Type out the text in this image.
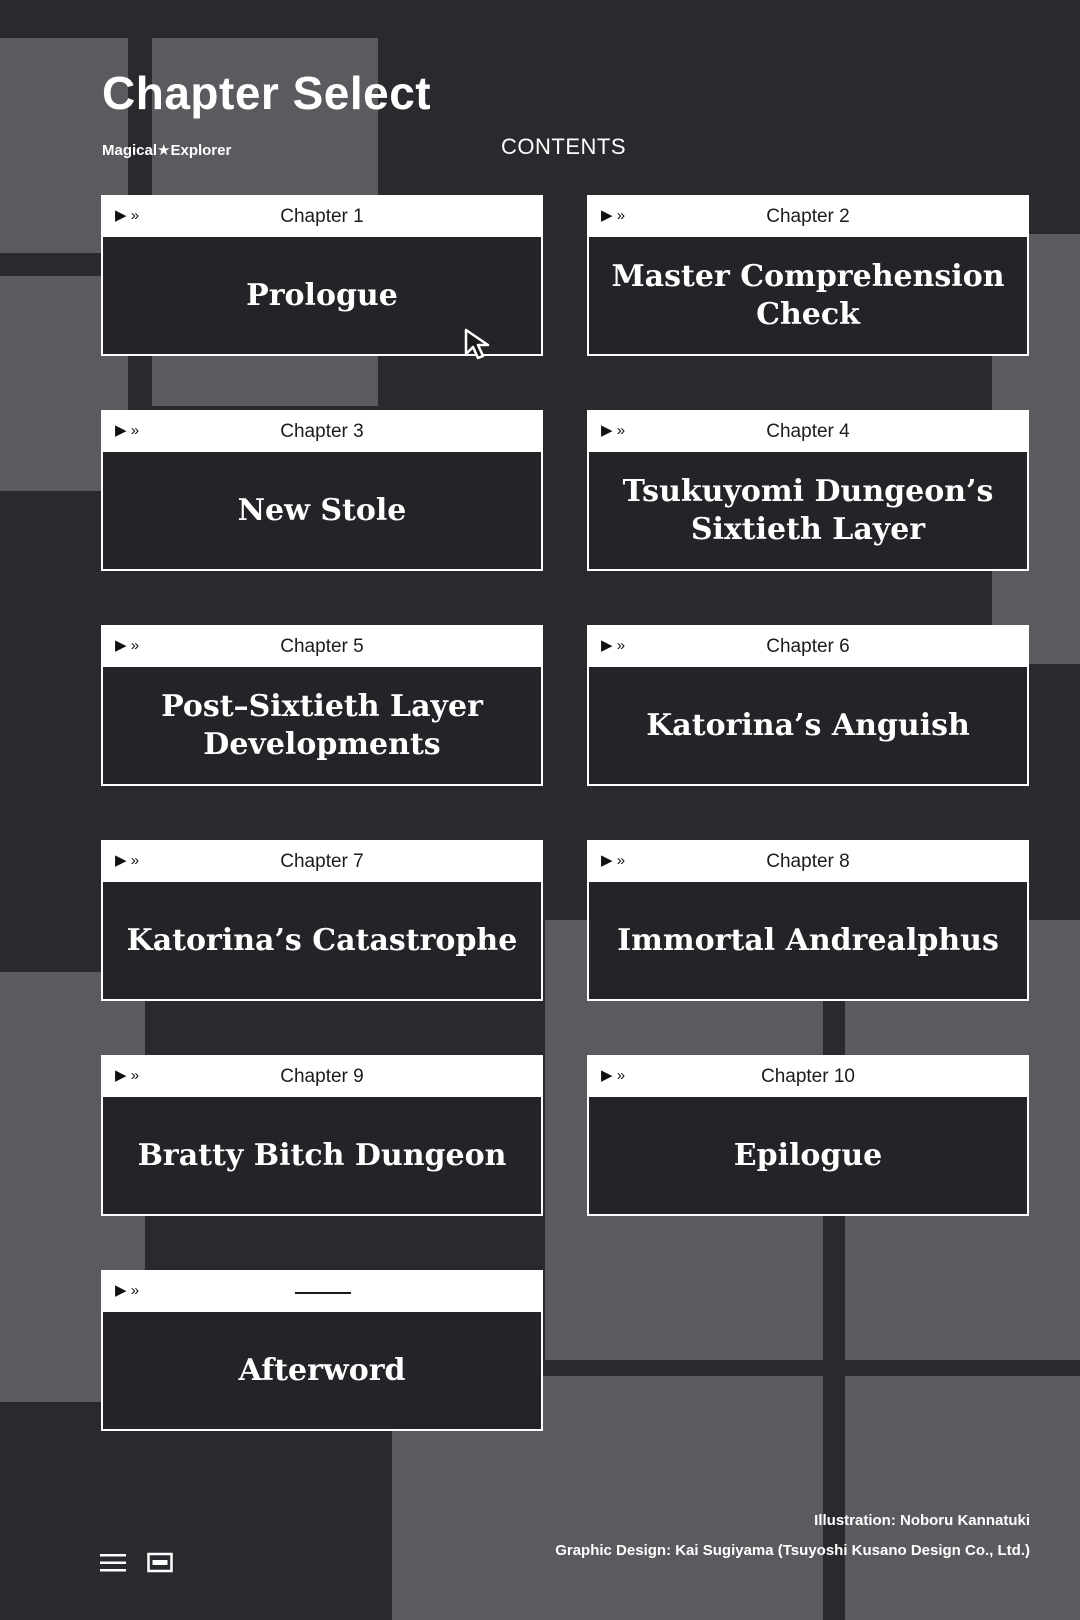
Chapter Select
Magical★Explorer	CONTENTS
▶ »	Chapter 1
Prologue
▶ »	Chapter 2
Master Comprehension Check
▶ »	Chapter 3
New Stole
▶ »	Chapter 4
Tsukuyomi Dungeon’s Sixtieth Layer
▶ »	Chapter 5
Post–Sixtieth Layer Developments
▶ »	Chapter 6
Katorina’s Anguish
▶ »	Chapter 7
Katorina’s Catastrophe
▶ »	Chapter 8
Immortal Andrealphus
▶ »	Chapter 9
Bratty Bitch Dungeon
▶ »	Chapter 10
Epilogue
▶ »
Afterword
Illustration: Noboru Kannatuki
Graphic Design: Kai Sugiyama (Tsuyoshi Kusano Design Co., Ltd.)
